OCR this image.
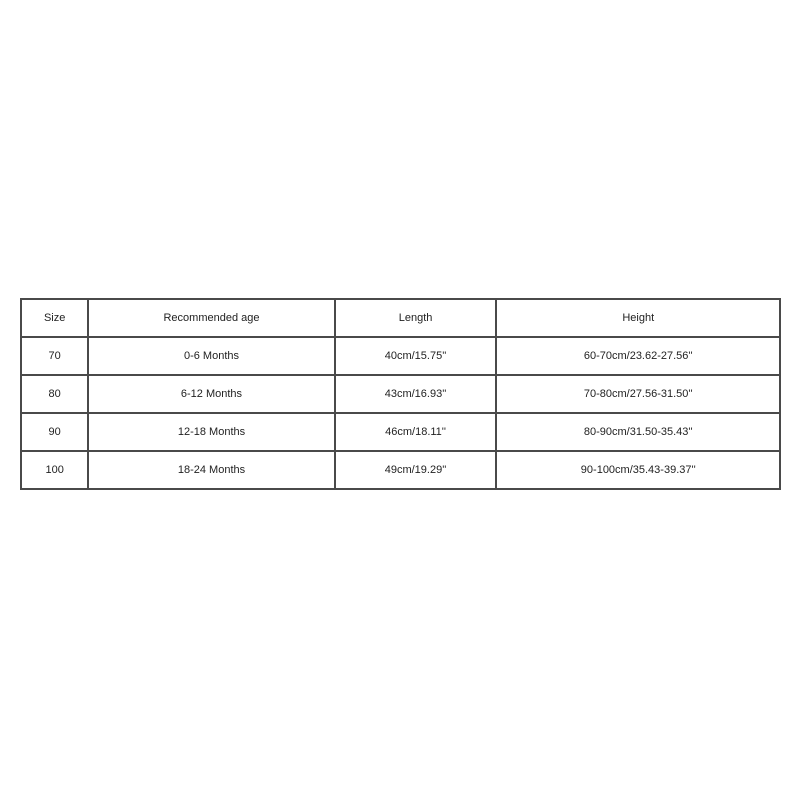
Size	Recommended age	Length	Height
70	0-6 Months	40cm/15.75''	60-70cm/23.62-27.56''
80	6-12 Months	43cm/16.93''	70-80cm/27.56-31.50''
90	12-18 Months	46cm/18.11''	80-90cm/31.50-35.43''
100	18-24 Months	49cm/19.29''	90-100cm/35.43-39.37''
